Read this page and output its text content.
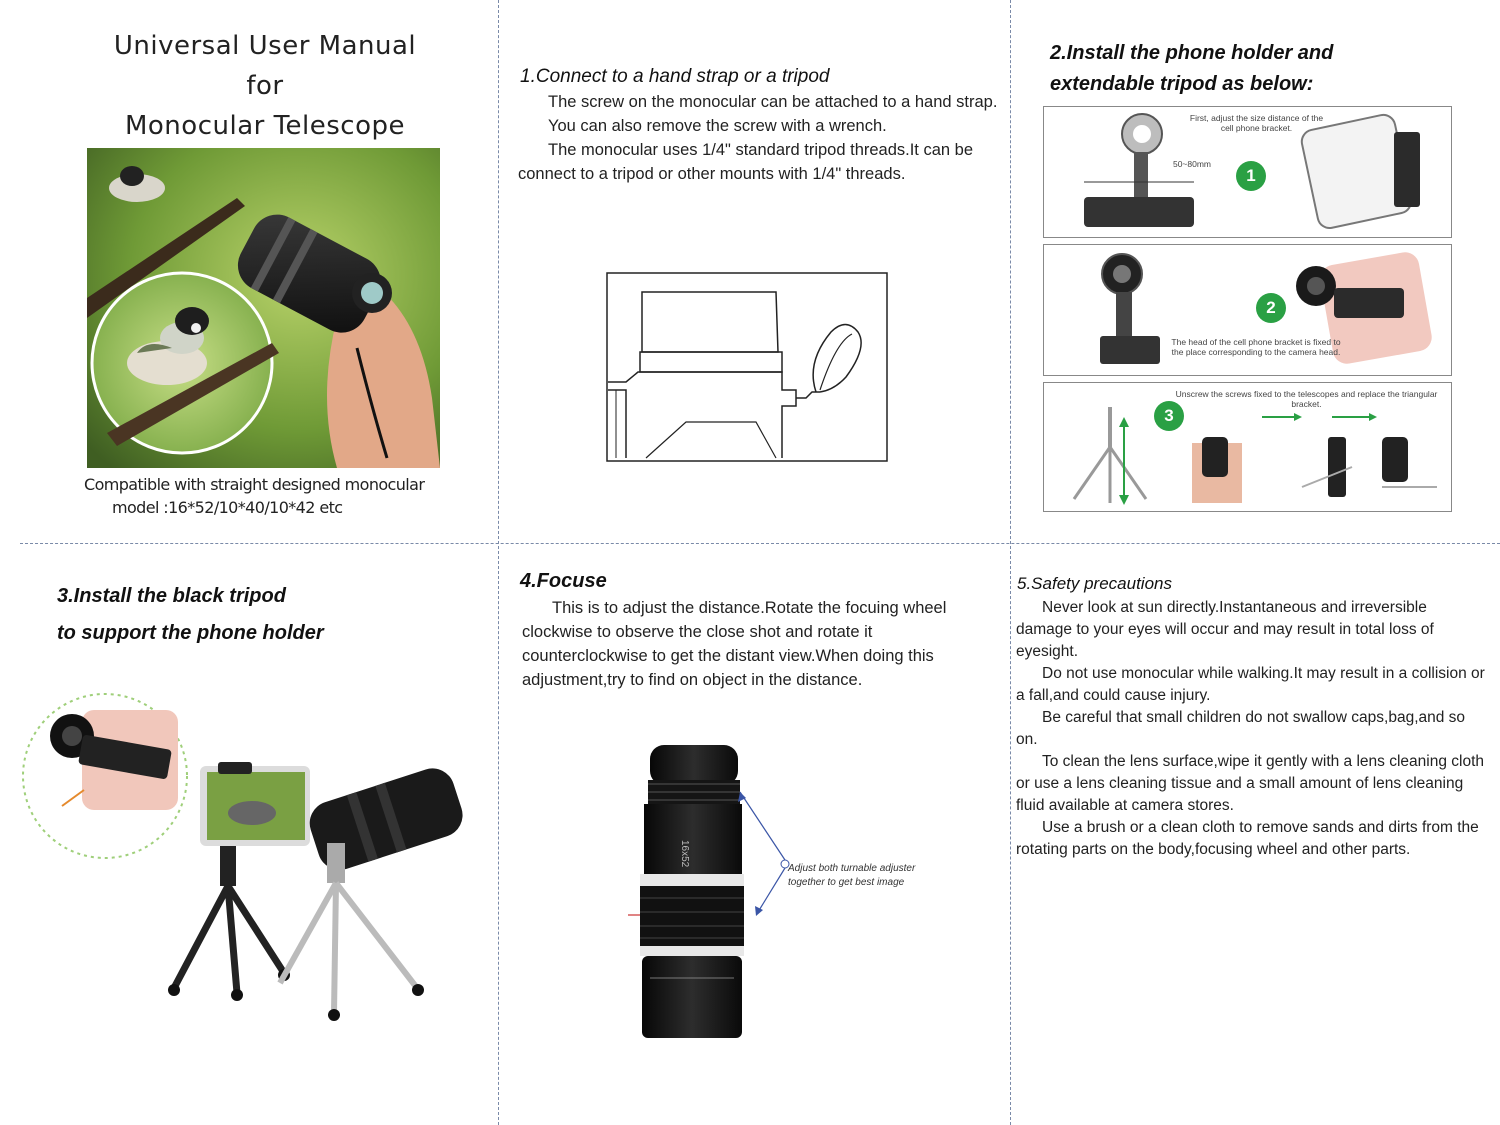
Universal User Manual
for
Monocular Telescope
Compatible with straight designed monocular
model :16*52/10*40/10*42 etc
1.Connect to a hand strap or a tripod

The screw on the monocular can be attached to a hand strap.

You can also remove the screw with a wrench.

The monocular uses 1/4" standard tripod threads.It can be connect to a tripod or other mounts with 1/4" threads.

2.Install the phone holder and
extendable tripod as below:
First, adjust the size distance of the cell phone bracket.
50~80mm
1
2
The head of the cell phone bracket is fixed to the place corresponding to the camera head.
3
Unscrew the screws fixed to the telescopes and replace the triangular bracket.
3.Install the black tripod
to support the phone holder
4.Focuse

This is to adjust the distance.Rotate the focuing wheel clockwise to observe the close shot and rotate it counterclockwise to get the distant view.When doing this adjustment,try to find on object in the distance.

16x52
Adjust both turnable adjuster
together to get best image
5.Safety precautions

Never look at sun directly.Instantaneous and irreversible damage to your eyes will occur and may result in total loss of eyesight.

Do not use monocular while walking.It may result in a collision or a fall,and could cause injury.

Be careful that small children do not swallow caps,bag,and so on.

To clean the lens surface,wipe it gently with a lens cleaning cloth or use a lens cleaning tissue and a small amount of lens cleaning fluid available at camera stores.

Use a brush or a clean cloth to remove sands and dirts from the rotating parts on the body,focusing wheel and other parts.
